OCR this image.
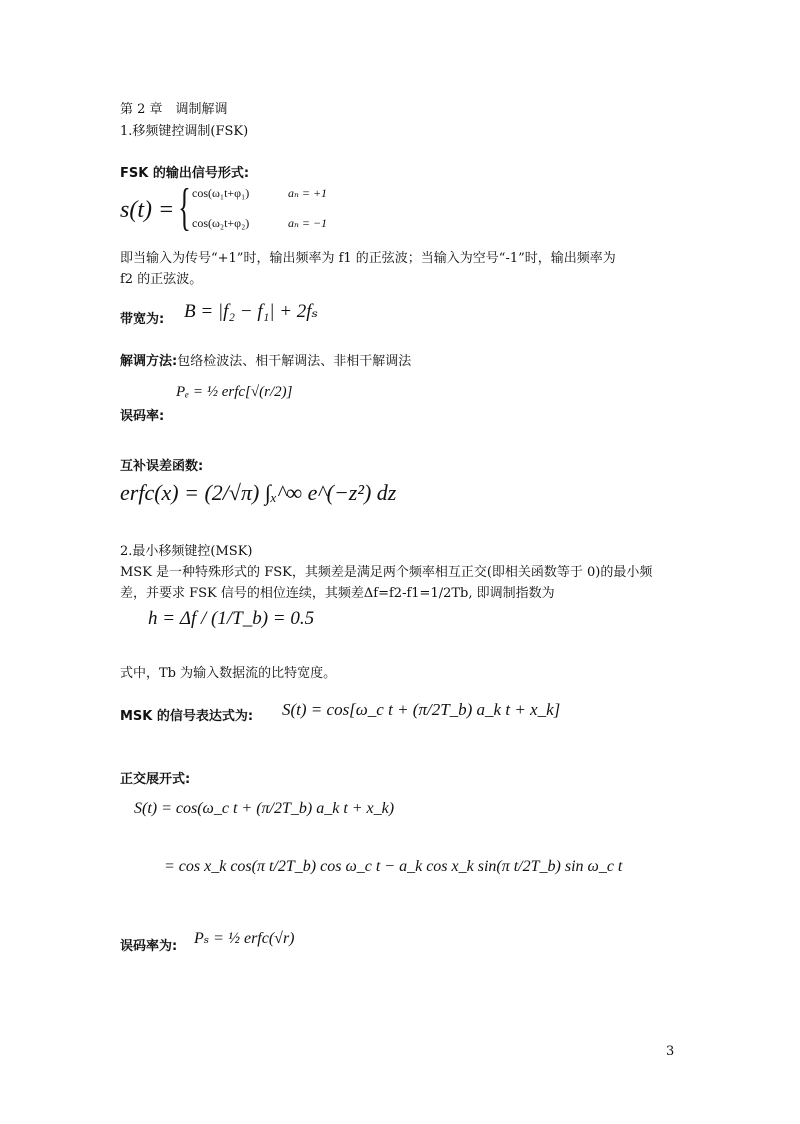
第 2 章　调制解调
1.移频键控调制(FSK)
FSK 的输出信号形式:
s(t) = { cos(ω₁t+φ₁)	aₙ = +1
cos(ω₂t+φ₂)	aₙ = −1
即当输入为传号“+1”时，输出频率为 f1 的正弦波；当输入为空号“-1”时，输出频率为
f2 的正弦波。
带宽为: B = |f₂ − f₁| + 2fₛ
解调方法:包络检波法、相干解调法、非相干解调法
误码率:
Pₑ = ½ erfc[√(r/2)]
互补误差函数:
erfc(x) = (2/√π) ∫ₓ^∞ e^(−z²) dz
2.最小移频键控(MSK)
MSK 是一种特殊形式的 FSK，其频差是满足两个频率相互正交(即相关函数等于 0)的最小频
差，并要求 FSK 信号的相位连续，其频差Δf=f2-f1=1/2Tb, 即调制指数为
h = Δf / (1/T_b) = 0.5
式中，Tb 为输入数据流的比特宽度。
MSK 的信号表达式为: S(t) = cos[ω_c t + (π/2T_b) a_k t + x_k]
正交展开式:
S(t) = cos(ω_c t + (π/2T_b) a_k t + x_k)
= cos x_k cos(π t/2T_b) cos ω_c t − a_k cos x_k sin(π t/2T_b) sin ω_c t
误码率为: Pₛ = ½ erfc(√r)
3
